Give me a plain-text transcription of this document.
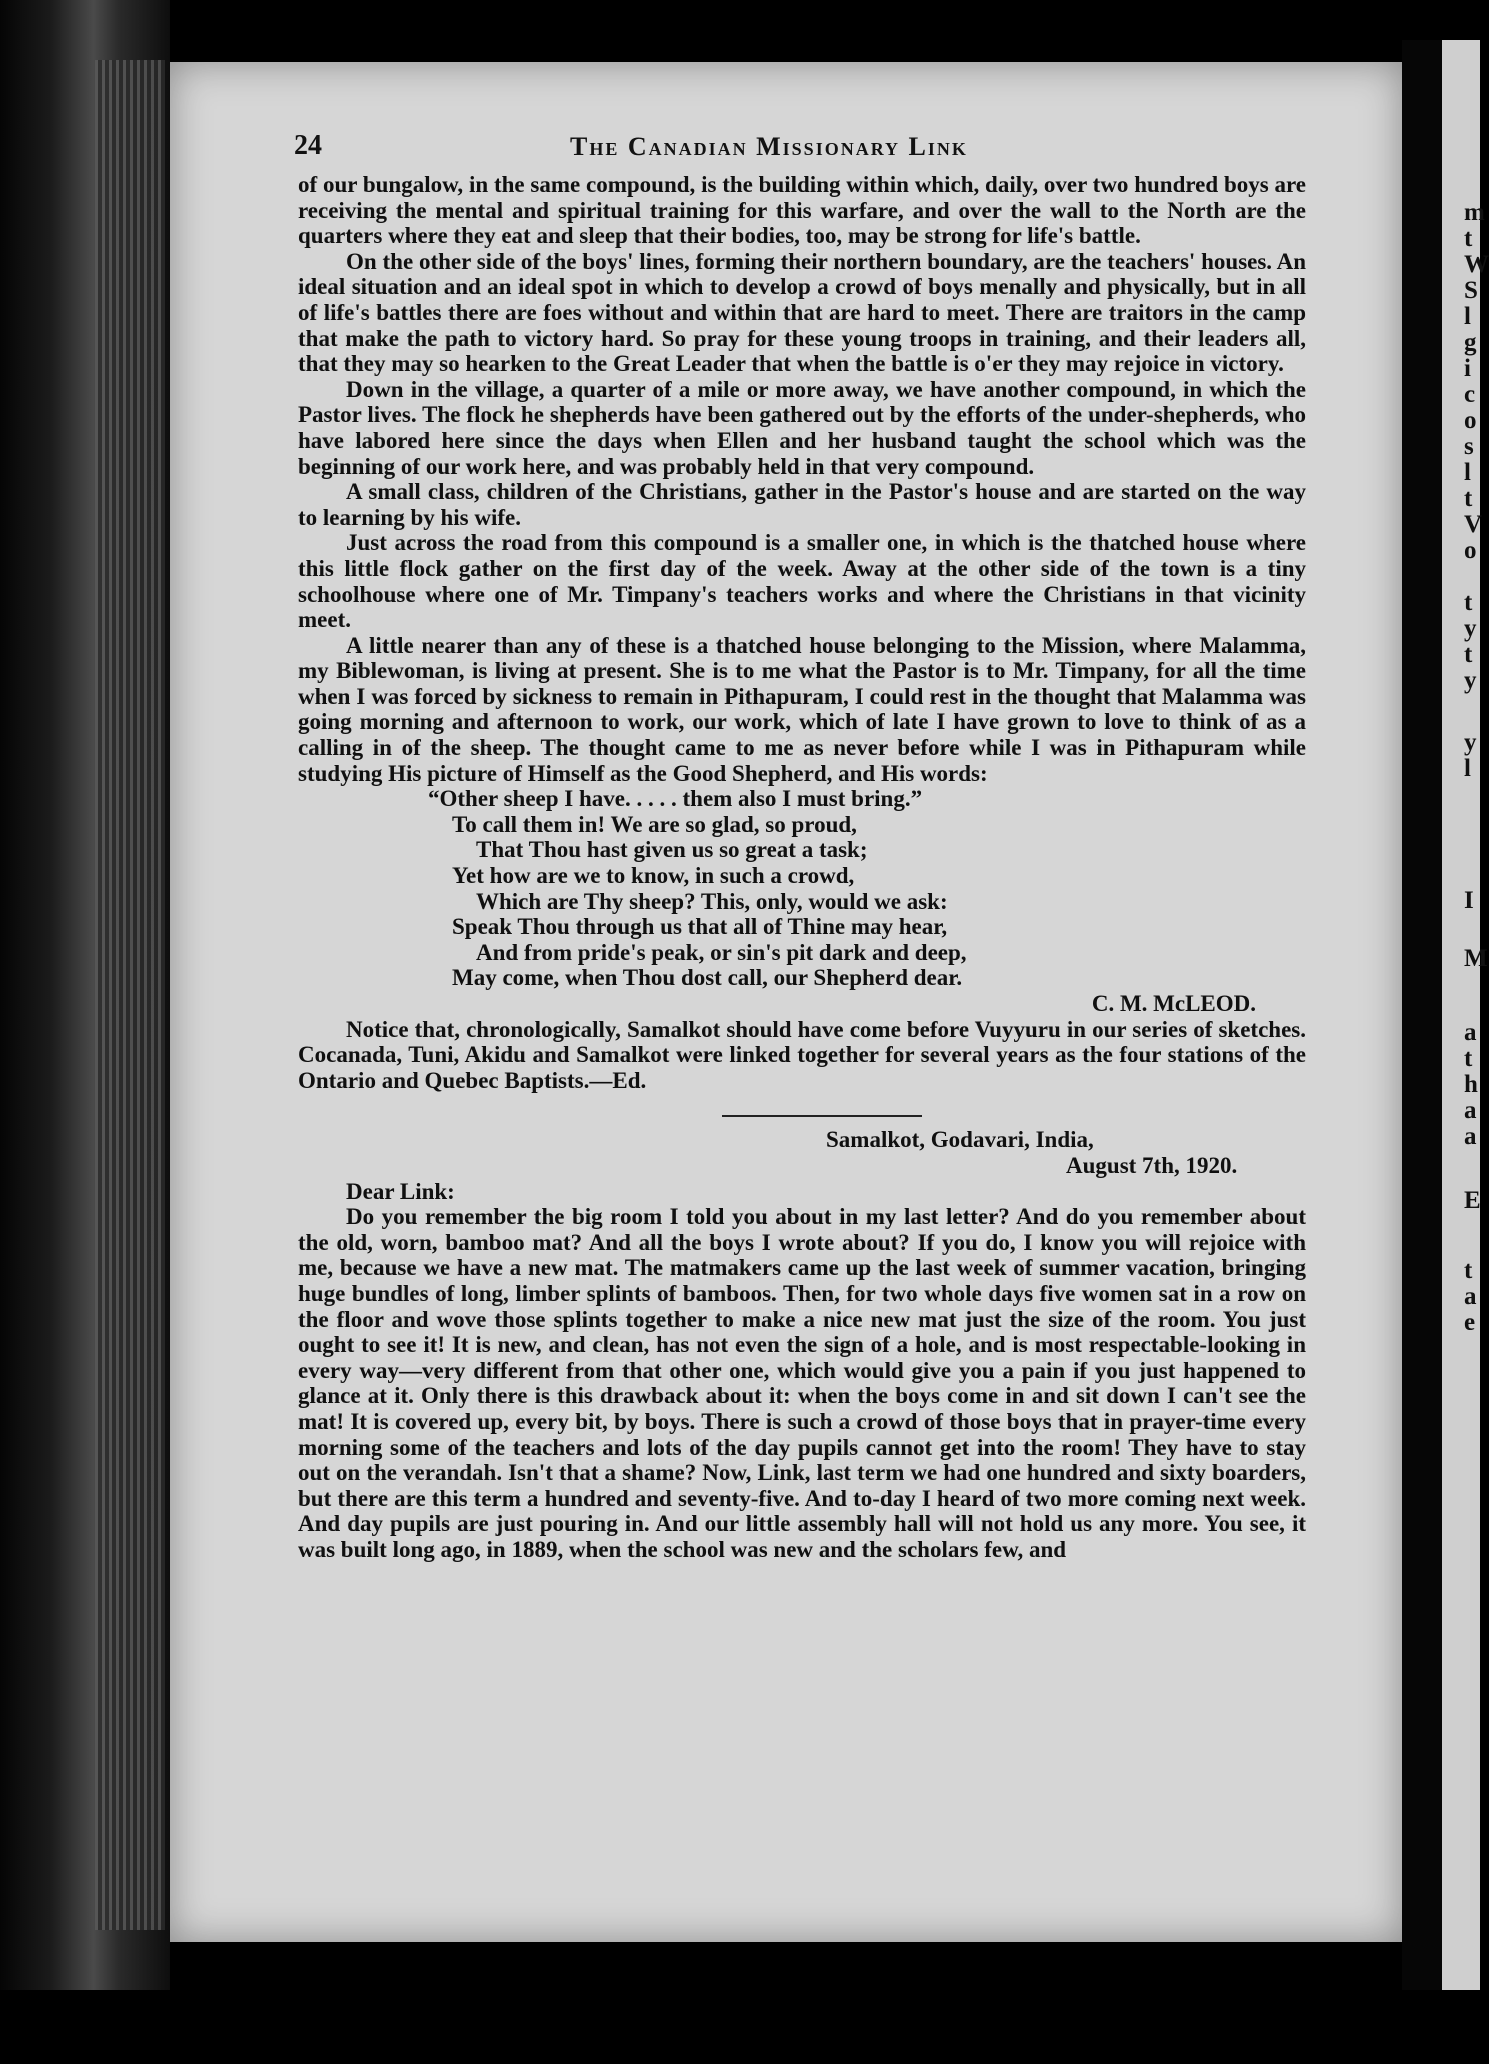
m
t
W
S
l
g
i
c
o
s
l
t
V
o
t
y
t
y
y
l
I
M
a
t
h
a
a
E
t
a
e
24	The Canadian Missionary Link

of our bungalow, in the same compound, is the building within which, daily, over two hundred boys are receiving the mental and spiritual training for this warfare, and over the wall to the North are the quarters where they eat and sleep that their bodies, too, may be strong for life's battle.

On the other side of the boys' lines, forming their northern boundary, are the teachers' houses. An ideal situation and an ideal spot in which to develop a crowd of boys menally and physically, but in all of life's battles there are foes without and within that are hard to meet. There are traitors in the camp that make the path to victory hard. So pray for these young troops in training, and their leaders all, that they may so hearken to the Great Leader that when the battle is o'er they may rejoice in victory.

Down in the village, a quarter of a mile or more away, we have another compound, in which the Pastor lives. The flock he shepherds have been gathered out by the efforts of the under-shepherds, who have labored here since the days when Ellen and her husband taught the school which was the beginning of our work here, and was probably held in that very compound.

A small class, children of the Christians, gather in the Pastor's house and are started on the way to learning by his wife.

Just across the road from this compound is a smaller one, in which is the thatched house where this little flock gather on the first day of the week. Away at the other side of the town is a tiny schoolhouse where one of Mr. Timpany's teachers works and where the Christians in that vicinity meet.

A little nearer than any of these is a thatched house belonging to the Mission, where Malamma, my Biblewoman, is living at present. She is to me what the Pastor is to Mr. Timpany, for all the time when I was forced by sickness to remain in Pithapuram, I could rest in the thought that Malamma was going morning and afternoon to work, our work, which of late I have grown to love to think of as a calling in of the sheep. The thought came to me as never before while I was in Pithapuram while studying His picture of Himself as the Good Shepherd, and His words:

“Other sheep I have. . . . . them also I must bring.”
To call them in! We are so glad, so proud,
That Thou hast given us so great a task;
Yet how are we to know, in such a crowd,
Which are Thy sheep? This, only, would we ask:
Speak Thou through us that all of Thine may hear,
And from pride's peak, or sin's pit dark and deep,
May come, when Thou dost call, our Shepherd dear.

C. M. McLEOD.

Notice that, chronologically, Samalkot should have come before Vuyyuru in our series of sketches. Cocanada, Tuni, Akidu and Samalkot were linked together for several years as the four stations of the Ontario and Quebec Baptists.—Ed.

Samalkot, Godavari, India,

August 7th, 1920.

Dear Link:

Do you remember the big room I told you about in my last letter? And do you remember about the old, worn, bamboo mat? And all the boys I wrote about? If you do, I know you will rejoice with me, because we have a new mat. The matmakers came up the last week of summer vacation, bringing huge bundles of long, limber splints of bamboos. Then, for two whole days five women sat in a row on the floor and wove those splints together to make a nice new mat just the size of the room. You just ought to see it! It is new, and clean, has not even the sign of a hole, and is most respectable-looking in every way—very different from that other one, which would give you a pain if you just happened to glance at it. Only there is this drawback about it: when the boys come in and sit down I can't see the mat! It is covered up, every bit, by boys. There is such a crowd of those boys that in prayer-time every morning some of the teachers and lots of the day pupils cannot get into the room! They have to stay out on the verandah. Isn't that a shame? Now, Link, last term we had one hundred and sixty boarders, but there are this term a hundred and seventy-five. And to-day I heard of two more coming next week. And day pupils are just pouring in. And our little assembly hall will not hold us any more. You see, it was built long ago, in 1889, when the school was new and the scholars few, and
